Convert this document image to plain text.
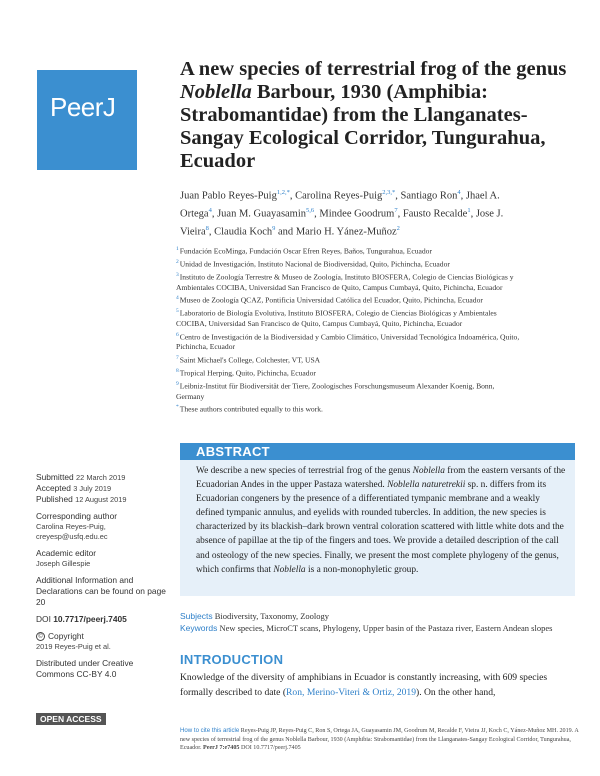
PeerJ
A new species of terrestrial frog of the genus Noblella Barbour, 1930 (Amphibia: Strabomantidae) from the Llanganates-Sangay Ecological Corridor, Tungurahua, Ecuador
Juan Pablo Reyes-Puig$^{1,2,*}$, Carolina Reyes-Puig$^{2,3,*}$, Santiago Ron$^4$, Jhael A. Ortega$^4$, Juan M. Guayasamin$^{5,6}$, Mindee Goodrum$^7$, Fausto Recalde$^1$, Jose J. Vieira$^8$, Claudia Koch$^9$ and Mario H. Yánez-Muñoz$^2$
$^1$Fundación EcoMinga, Fundación Oscar Efren Reyes, Baños, Tungurahua, Ecuador
$^2$Unidad de Investigación, Instituto Nacional de Biodiversidad, Quito, Pichincha, Ecuador
$^3$Instituto de Zoología Terrestre & Museo de Zoología, Instituto BIOSFERA, Colegio de Ciencias Biológicas y Ambientales COCIBA, Universidad San Francisco de Quito, Campus Cumbayá, Quito, Pichincha, Ecuador
$^4$Museo de Zoología QCAZ, Pontificia Universidad Católica del Ecuador, Quito, Pichincha, Ecuador
$^5$Laboratorio de Biología Evolutiva, Instituto BIOSFERA, Colegio de Ciencias Biológicas y Ambientales COCIBA, Universidad San Francisco de Quito, Campus Cumbayá, Quito, Pichincha, Ecuador
$^6$Centro de Investigación de la Biodiversidad y Cambio Climático, Universidad Tecnológica Indoamérica, Quito, Pichincha, Ecuador
$^7$Saint Michael's College, Colchester, VT, USA
$^8$Tropical Herping, Quito, Pichincha, Ecuador
$^9$Leibniz-Institut für Biodiversität der Tiere, Zoologisches Forschungsmuseum Alexander Koenig, Bonn, Germany
*These authors contributed equally to this work.
ABSTRACT
We describe a new species of terrestrial frog of the genus Noblella from the eastern versants of the Ecuadorian Andes in the upper Pastaza watershed. Noblella naturetrekii sp. n. differs from its Ecuadorian congeners by the presence of a differentiated tympanic membrane and a weakly defined tympanic annulus, and eyelids with rounded tubercles. In addition, the new species is characterized by its blackish–dark brown ventral coloration scattered with little white dots and the absence of papillae at the tip of the fingers and toes. We provide a detailed description of the call and osteology of the new species. Finally, we present the most complete phylogeny of the genus, which confirms that Noblella is a non-monophyletic group.
Submitted 22 March 2019
Accepted 3 July 2019
Published 12 August 2019
Corresponding author
Carolina Reyes-Puig,
creyesp@usfq.edu.ec
Academic editor
Joseph Gillespie
Additional Information and Declarations can be found on page 20
DOI 10.7717/peerj.7405
© Copyright
2019 Reyes-Puig et al.
Distributed under Creative Commons CC-BY 4.0
OPEN ACCESS
Subjects Biodiversity, Taxonomy, Zoology
Keywords New species, MicroCT scans, Phylogeny, Upper basin of the Pastaza river, Eastern Andean slopes
INTRODUCTION
Knowledge of the diversity of amphibians in Ecuador is constantly increasing, with 609 species formally described to date (Ron, Merino-Viteri & Ortiz, 2019). On the other hand,
How to cite this article Reyes-Puig JP, Reyes-Puig C, Ron S, Ortega JA, Guayasamin JM, Goodrum M, Recalde F, Vieira JJ, Koch C, Yánez-Muñoz MH. 2019. A new species of terrestrial frog of the genus Noblella Barbour, 1930 (Amphibia: Strabomantidae) from the Llanganates-Sangay Ecological Corridor, Tungurahua, Ecuador. PeerJ 7:e7405 DOI 10.7717/peerj.7405
